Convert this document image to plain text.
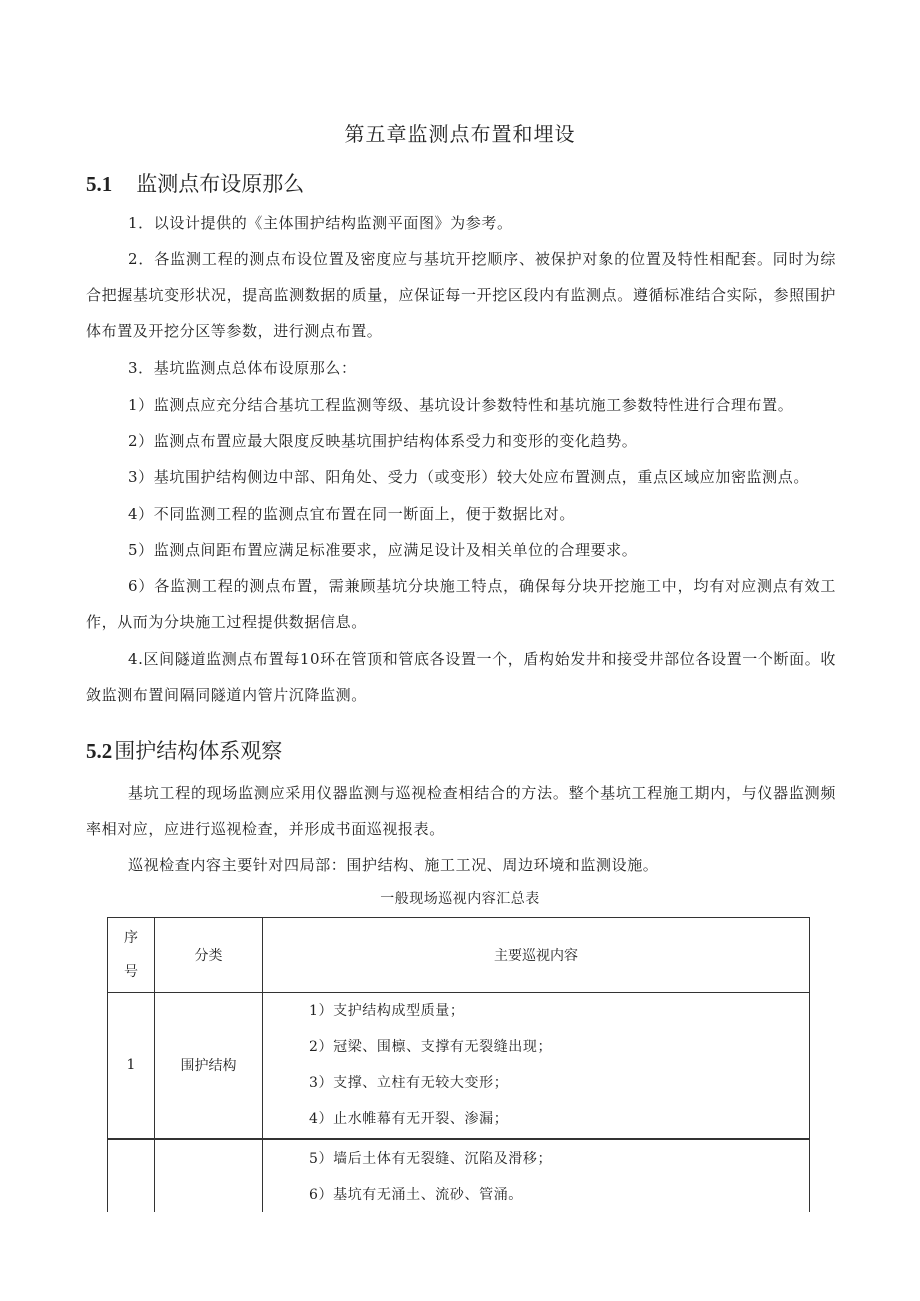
第五章监测点布置和埋设
5.1 监测点布设原那么
1．以设计提供的《主体围护结构监测平面图》为参考。
2．各监测工程的测点布设位置及密度应与基坑开挖顺序、被保护对象的位置及特性相配套。同时为综合把握基坑变形状况，提高监测数据的质量，应保证每一开挖区段内有监测点。遵循标准结合实际，参照围护体布置及开挖分区等参数，进行测点布置。
3．基坑监测点总体布设原那么：
1）监测点应充分结合基坑工程监测等级、基坑设计参数特性和基坑施工参数特性进行合理布置。
2）监测点布置应最大限度反映基坑围护结构体系受力和变形的变化趋势。
3）基坑围护结构侧边中部、阳角处、受力（或变形）较大处应布置测点，重点区域应加密监测点。
4）不同监测工程的监测点宜布置在同一断面上，便于数据比对。
5）监测点间距布置应满足标准要求，应满足设计及相关单位的合理要求。
6）各监测工程的测点布置，需兼顾基坑分块施工特点，确保每分块开挖施工中，均有对应测点有效工作，从而为分块施工过程提供数据信息。
4.区间隧道监测点布置每10环在管顶和管底各设置一个，盾构始发井和接受井部位各设置一个断面。收敛监测布置间隔同隧道内管片沉降监测。
5.2围护结构体系观察
基坑工程的现场监测应采用仪器监测与巡视检查相结合的方法。整个基坑工程施工期内，与仪器监测频率相对应，应进行巡视检查，并形成书面巡视报表。
巡视检查内容主要针对四局部：围护结构、施工工况、周边环境和监测设施。
一般现场巡视内容汇总表
序
号	分类	主要巡视内容
1	围护结构	1）支护结构成型质量；
2）冠梁、围檩、支撑有无裂缝出现；
3）支撑、立柱有无较大变形；
4）止水帷幕有无开裂、渗漏；

		5）墙后土体有无裂缝、沉陷及滑移；
6）基坑有无涌土、流砂、管涌。
